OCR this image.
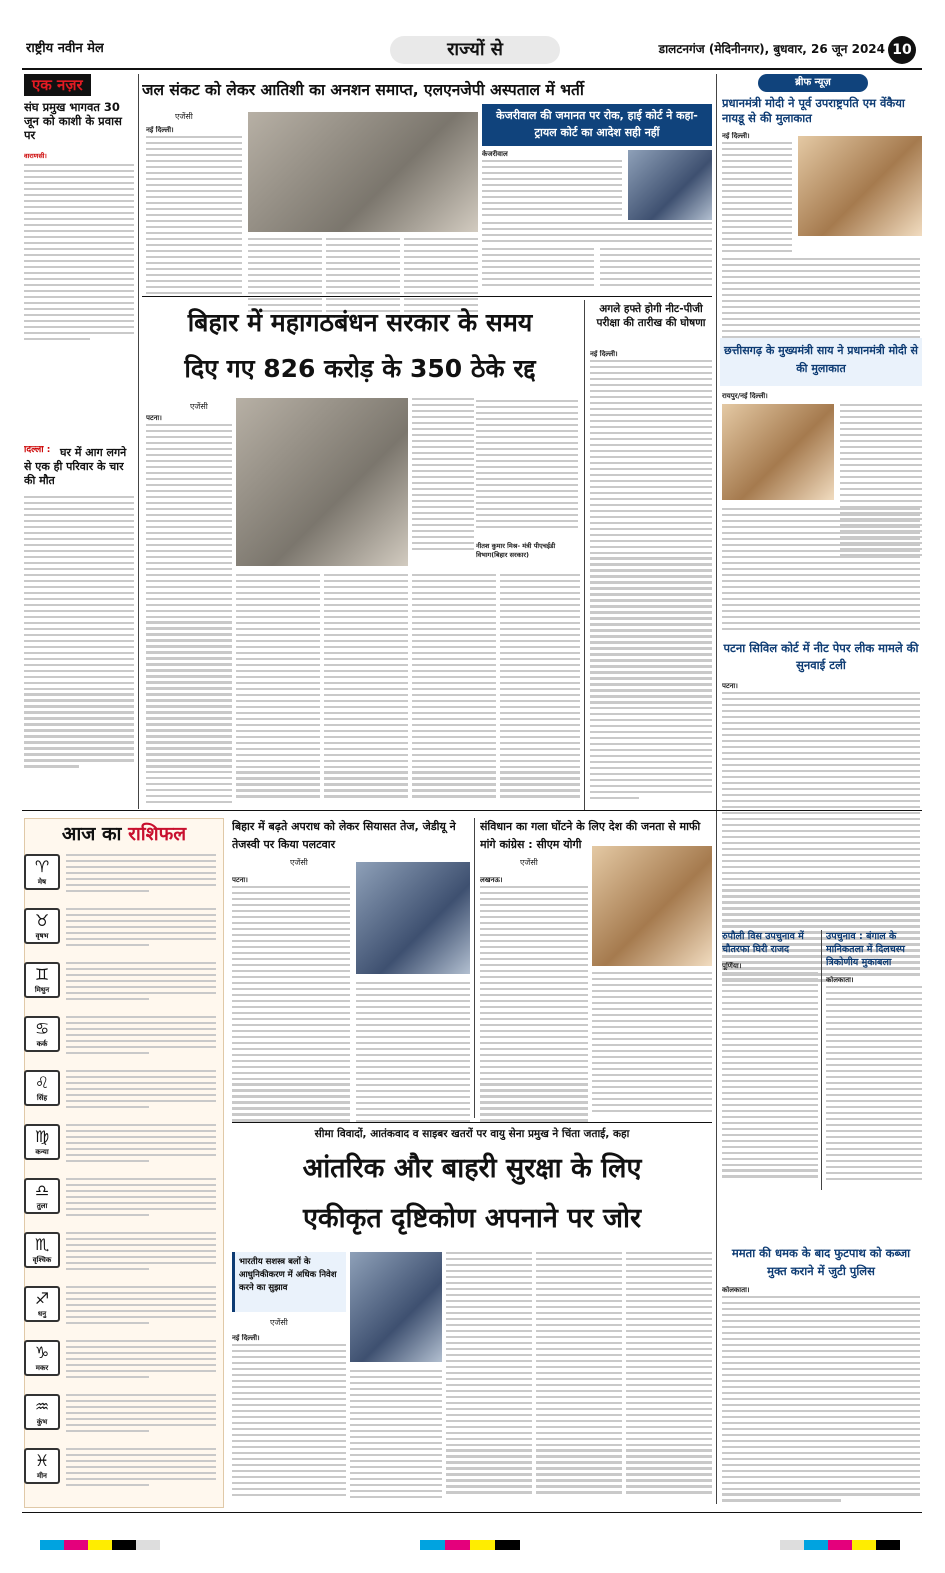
राष्ट्रीय नवीन मेल	राज्यों से	डालटनगंज (मेदिनीनगर), बुधवार, 26 जून 2024 10
एक नज़र
संघ प्रमुख भागवत 30 जून को काशी के प्रवास पर
वाराणसी।
दिल्ली : घर में आग लगने से एक ही परिवार के चार की मौत
जल संकट को लेकर आतिशी का अनशन समाप्त, एलएनजेपी अस्पताल में भर्ती
एजेंसी
नई दिल्ली।
केजरीवाल की जमानत पर रोक, हाई कोर्ट ने कहा- ट्रायल कोर्ट का आदेश सही नहीं
केजरीवाल
ब्रीफ न्यूज़
प्रधानमंत्री मोदी ने पूर्व उपराष्ट्रपति एम वेंकैया नायडू से की मुलाकात
नई दिल्ली।
बिहार में महागठबंधन सरकार के समय
दिए गए 826 करोड़ के 350 ठेके रद्द
एजेंसी
पटना।
नीतश कुमार मिश्र- मंत्री पीएचईडी
विभाग(बिहार सरकार)
अगले हफ्ते होगी नीट-पीजी परीक्षा की तारीख की घोषणा
नई दिल्ली।	छत्तीसगढ़ के मुख्यमंत्री साय ने प्रधानमंत्री मोदी से की मुलाकात
रायपुर/नई दिल्ली।
पटना सिविल कोर्ट में नीट पेपर लीक मामले की सुनवाई टली
पटना।
आज का राशिफल
♈
मेष
♉
वृषभ
♊
मिथुन
♋
कर्क
♌
सिंह
♍
कन्या
♎
तुला
♏
वृश्चिक
♐
धनु
♑
मकर
♒
कुंभ
♓
मीन
बिहार में बढ़ते अपराध को लेकर सियासत तेज, जेडीयू ने तेजस्वी पर किया पलटवार
एजेंसी
पटना।
संविधान का गला घोंटने के लिए देश की जनता से माफी मांगे कांग्रेस : सीएम योगी
एजेंसी
लखनऊ।
रुपौली विस उपचुनाव में चौतरफा घिरी राजद
पूर्णिया।
उपचुनाव : बंगाल के मानिकतला में दिलचस्प त्रिकोणीय मुकाबला
कोलकाता।
सीमा विवादों, आतंकवाद व साइबर खतरों पर वायु सेना प्रमुख ने चिंता जताई, कहा
आंतरिक और बाहरी सुरक्षा के लिए
एकीकृत दृष्टिकोण अपनाने पर जोर
भारतीय सशस्त्र बलों के आधुनिकीकरण में अधिक निवेश करने का सुझाव
एजेंसी
नई दिल्ली।
ममता की धमक के बाद फुटपाथ को कब्जा मुक्त कराने में जुटी पुलिस
कोलकाता।
